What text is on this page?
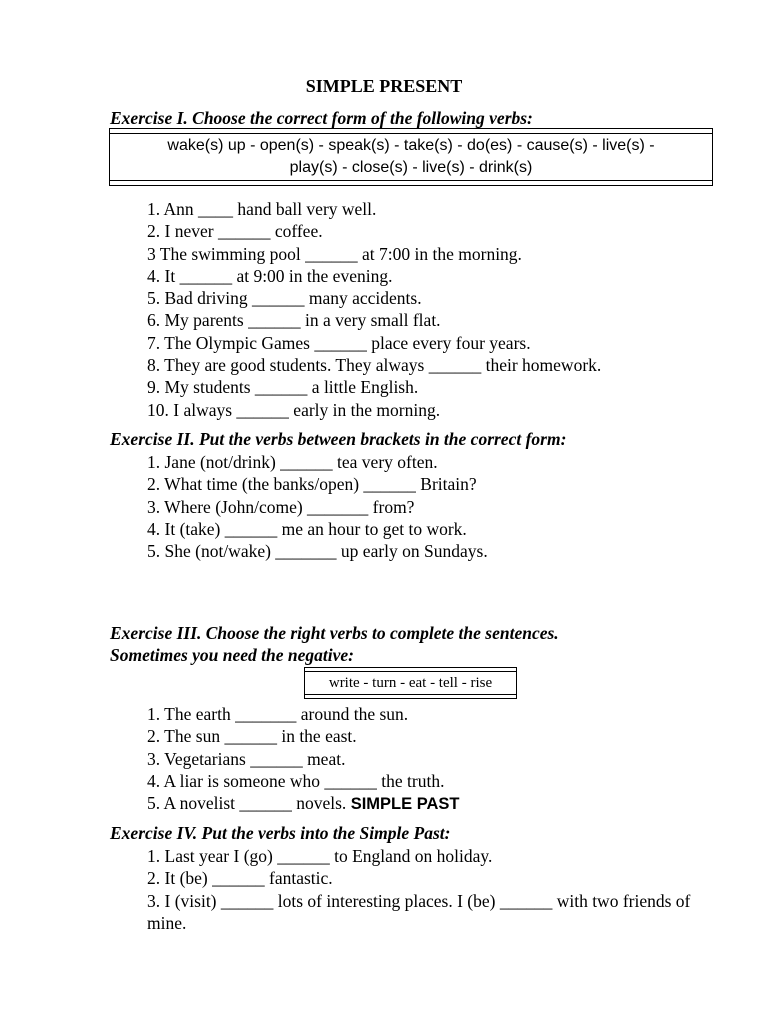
SIMPLE PRESENT
Exercise I. Choose the correct form of the following verbs:
wake(s) up - open(s) - speak(s) - take(s) - do(es) - cause(s) - live(s) -
play(s) - close(s) - live(s) - drink(s)
1. Ann ____ hand ball very well.
2. I never ______ coffee.
3 The swimming pool ______ at 7:00 in the morning.
4. It ______ at 9:00 in the evening.
5. Bad driving ______ many accidents.
6. My parents ______ in a very small flat.
7. The Olympic Games ______ place every four years.
8. They are good students. They always ______ their homework.
9. My students ______ a little English.
10. I always ______ early in the morning.
Exercise II. Put the verbs between brackets in the correct form:
1. Jane (not/drink) ______ tea very often.
2. What time (the banks/open) ______ Britain?
3. Where (John/come) _______ from?
4. It (take) ______ me an hour to get to work.
5. She (not/wake) _______ up early on Sundays.
Exercise III. Choose the right verbs to complete the sentences.
Sometimes you need the negative:
write - turn - eat - tell - rise
1. The earth _______ around the sun.
2. The sun ______ in the east.
3. Vegetarians ______ meat.
4. A liar is someone who ______ the truth.
5. A novelist ______ novels. SIMPLE PAST
Exercise IV. Put the verbs into the Simple Past:
1. Last year I (go) ______ to England on holiday.
2. It (be) ______ fantastic.
3. I (visit) ______ lots of interesting places. I (be) ______ with two friends of mine.
